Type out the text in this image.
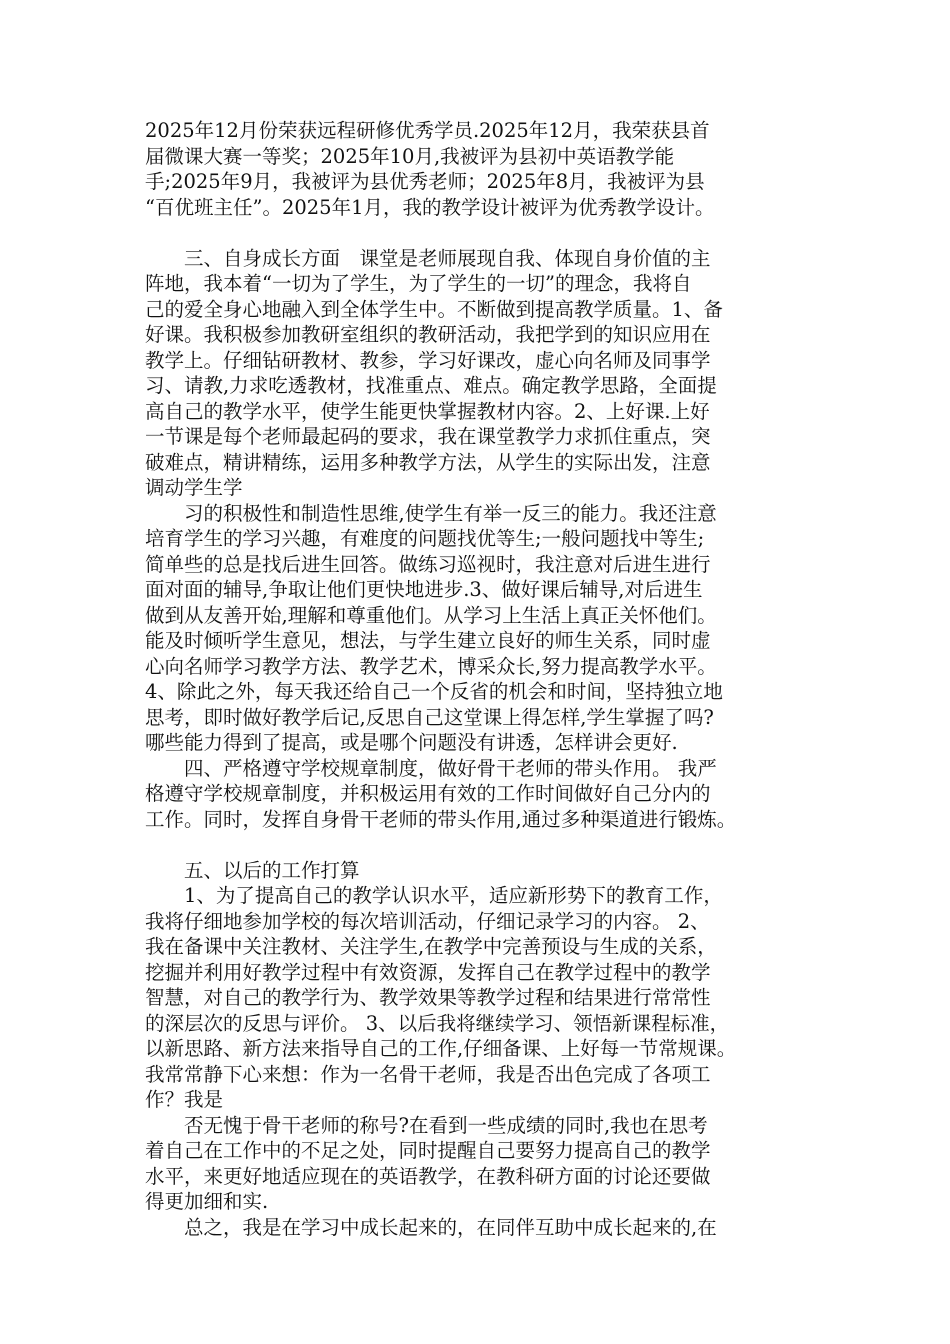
2025年12月份荣获远程研修优秀学员.2025年12月，我荣获县首
届微课大赛一等奖；2025年10月,我被评为县初中英语教学能
手;2025年9月，我被评为县优秀老师；2025年8月，我被评为县
“百优班主任”。2025年1月，我的教学设计被评为优秀教学设计。

三、自身成长方面　课堂是老师展现自我、体现自身价值的主
阵地，我本着“一切为了学生，为了学生的一切”的理念，我将自
己的爱全身心地融入到全体学生中。不断做到提高教学质量。1、备
好课。我积极参加教研室组织的教研活动，我把学到的知识应用在
教学上。仔细钻研教材、教参，学习好课改，虚心向名师及同事学
习、请教,力求吃透教材，找准重点、难点。确定教学思路，全面提
高自己的教学水平，使学生能更快掌握教材内容。2、上好课.上好
一节课是每个老师最起码的要求，我在课堂教学力求抓住重点，突
破难点，精讲精练，运用多种教学方法，从学生的实际出发，注意
调动学生学

习的积极性和制造性思维,使学生有举一反三的能力。我还注意
培育学生的学习兴趣，有难度的问题找优等生;一般问题找中等生;
简单些的总是找后进生回答。做练习巡视时，我注意对后进生进行
面对面的辅导,争取让他们更快地进步.3、做好课后辅导,对后进生
做到从友善开始,理解和尊重他们。从学习上生活上真正关怀他们。
能及时倾听学生意见，想法，与学生建立良好的师生关系，同时虚
心向名师学习教学方法、教学艺术，博采众长,努力提高教学水平。
4、除此之外，每天我还给自己一个反省的机会和时间，坚持独立地
思考，即时做好教学后记,反思自己这堂课上得怎样,学生掌握了吗?
哪些能力得到了提高，或是哪个问题没有讲透，怎样讲会更好.

四、严格遵守学校规章制度，做好骨干老师的带头作用。 我严
格遵守学校规章制度，并积极运用有效的工作时间做好自己分内的
工作。同时，发挥自身骨干老师的带头作用,通过多种渠道进行锻炼。

五、以后的工作打算

1、为了提高自己的教学认识水平，适应新形势下的教育工作，
我将仔细地参加学校的每次培训活动，仔细记录学习的内容。 2、
我在备课中关注教材、关注学生,在教学中完善预设与生成的关系，
挖掘并利用好教学过程中有效资源，发挥自己在教学过程中的教学
智慧，对自己的教学行为、教学效果等教学过程和结果进行常常性
的深层次的反思与评价。 3、以后我将继续学习、领悟新课程标准，
以新思路、新方法来指导自己的工作,仔细备课、上好每一节常规课。
我常常静下心来想：作为一名骨干老师，我是否出色完成了各项工
作？我是

否无愧于骨干老师的称号?在看到一些成绩的同时,我也在思考
着自己在工作中的不足之处，同时提醒自己要努力提高自己的教学
水平，来更好地适应现在的英语教学，在教科研方面的讨论还要做
得更加细和实.

总之，我是在学习中成长起来的，在同伴互助中成长起来的,在
